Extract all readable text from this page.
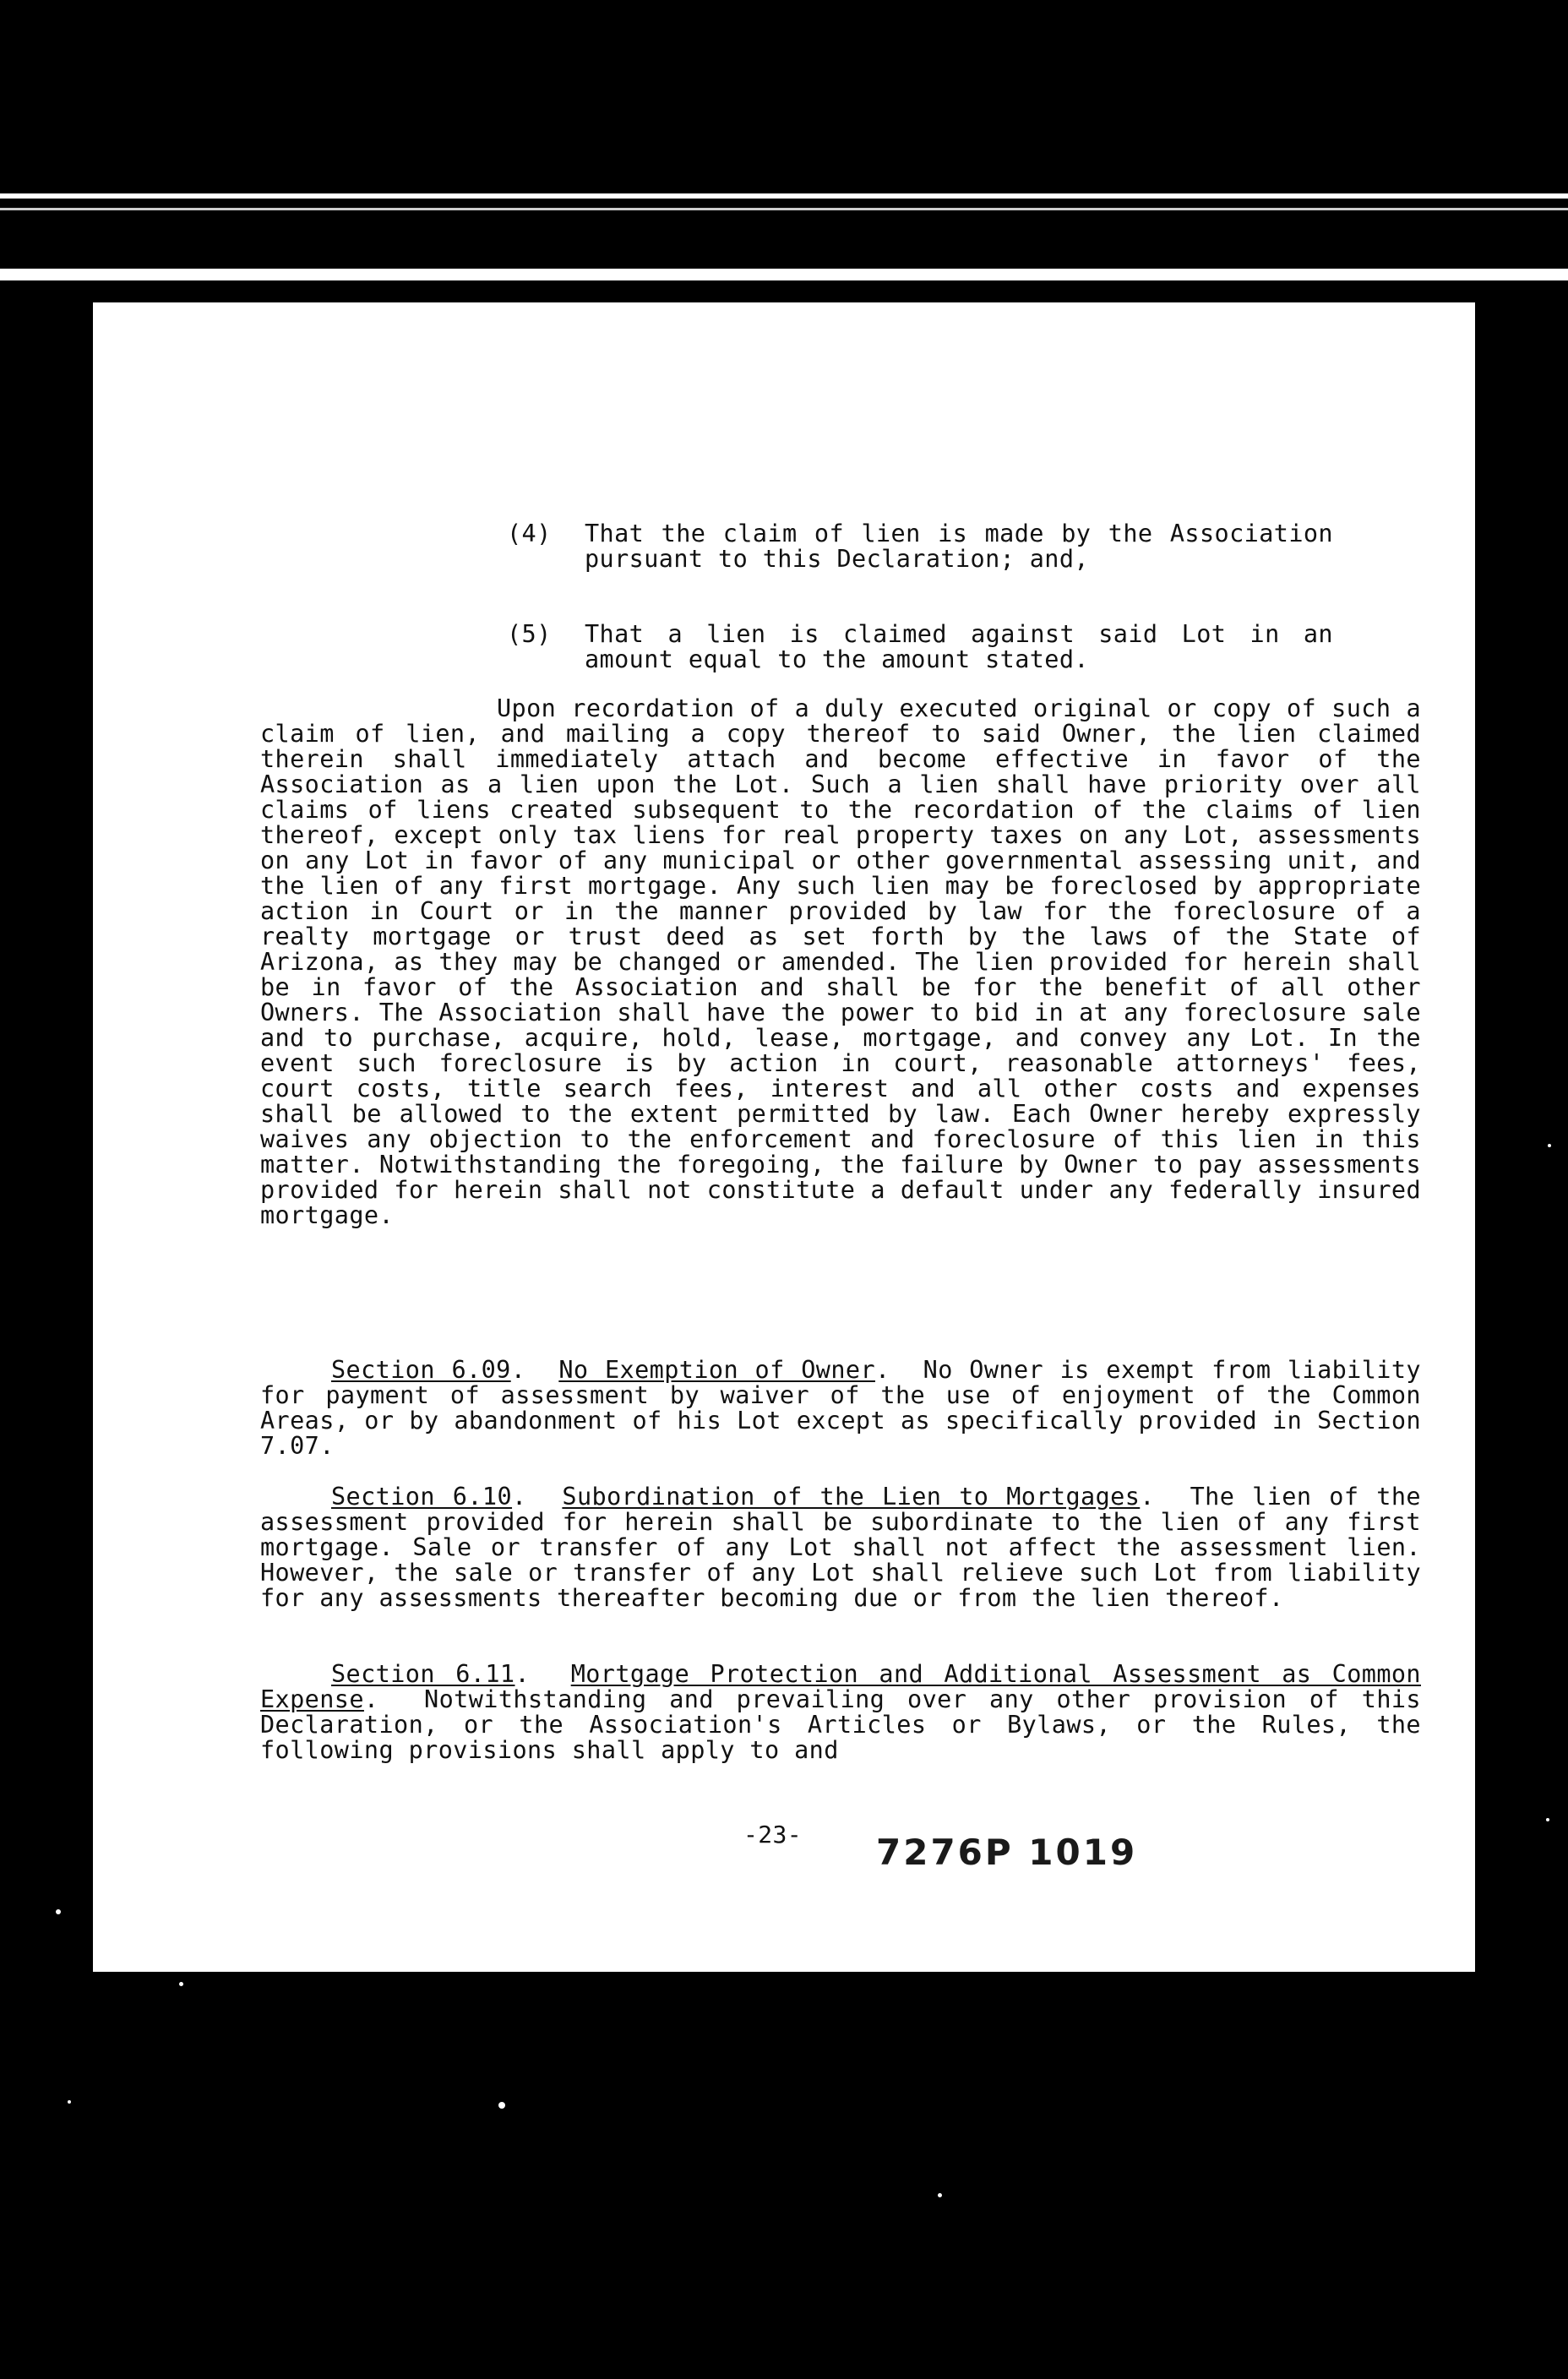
(4) That the claim of lien is made by the Association pursuant to this Declaration; and,
(5) That a lien is claimed against said Lot in an amount equal to the amount stated.

Upon recordation of a duly executed original or copy of such a claim of lien, and mailing a copy thereof to said Owner, the lien claimed therein shall immediately attach and become effective in favor of the Association as a lien upon the Lot. Such a lien shall have priority over all claims of liens created subsequent to the recordation of the claims of lien thereof, except only tax liens for real property taxes on any Lot, assessments on any Lot in favor of any municipal or other governmental assessing unit, and the lien of any first mortgage. Any such lien may be foreclosed by appropriate action in Court or in the manner provided by law for the foreclosure of a realty mortgage or trust deed as set forth by the laws of the State of Arizona, as they may be changed or amended. The lien provided for herein shall be in favor of the Association and shall be for the benefit of all other Owners. The Association shall have the power to bid in at any foreclosure sale and to purchase, acquire, hold, lease, mortgage, and convey any Lot. In the event such foreclosure is by action in court, reasonable attorneys' fees, court costs, title search fees, interest and all other costs and expenses shall be allowed to the extent permitted by law. Each Owner hereby expressly waives any objection to the enforcement and foreclosure of this lien in this matter. Notwithstanding the foregoing, the failure by Owner to pay assessments provided for herein shall not constitute a default under any federally insured mortgage.

Section 6.09.  No Exemption of Owner.  No Owner is exempt from liability for payment of assessment by waiver of the use of enjoyment of the Common Areas, or by abandonment of his Lot except as specifically provided in Section 7.07.

Section 6.10.  Subordination of the Lien to Mortgages.  The lien of the assessment provided for herein shall be subordinate to the lien of any first mortgage. Sale or transfer of any Lot shall not affect the assessment lien. However, the sale or transfer of any Lot shall relieve such Lot from liability for any assessments thereafter becoming due or from the lien thereof.

Section 6.11.  Mortgage Protection and Additional Assessment as Common Expense.  Notwithstanding and prevailing over any other provision of this Declaration, or the Association's Articles or Bylaws, or the Rules, the following provisions shall apply to and

-23- 7276P 1019
